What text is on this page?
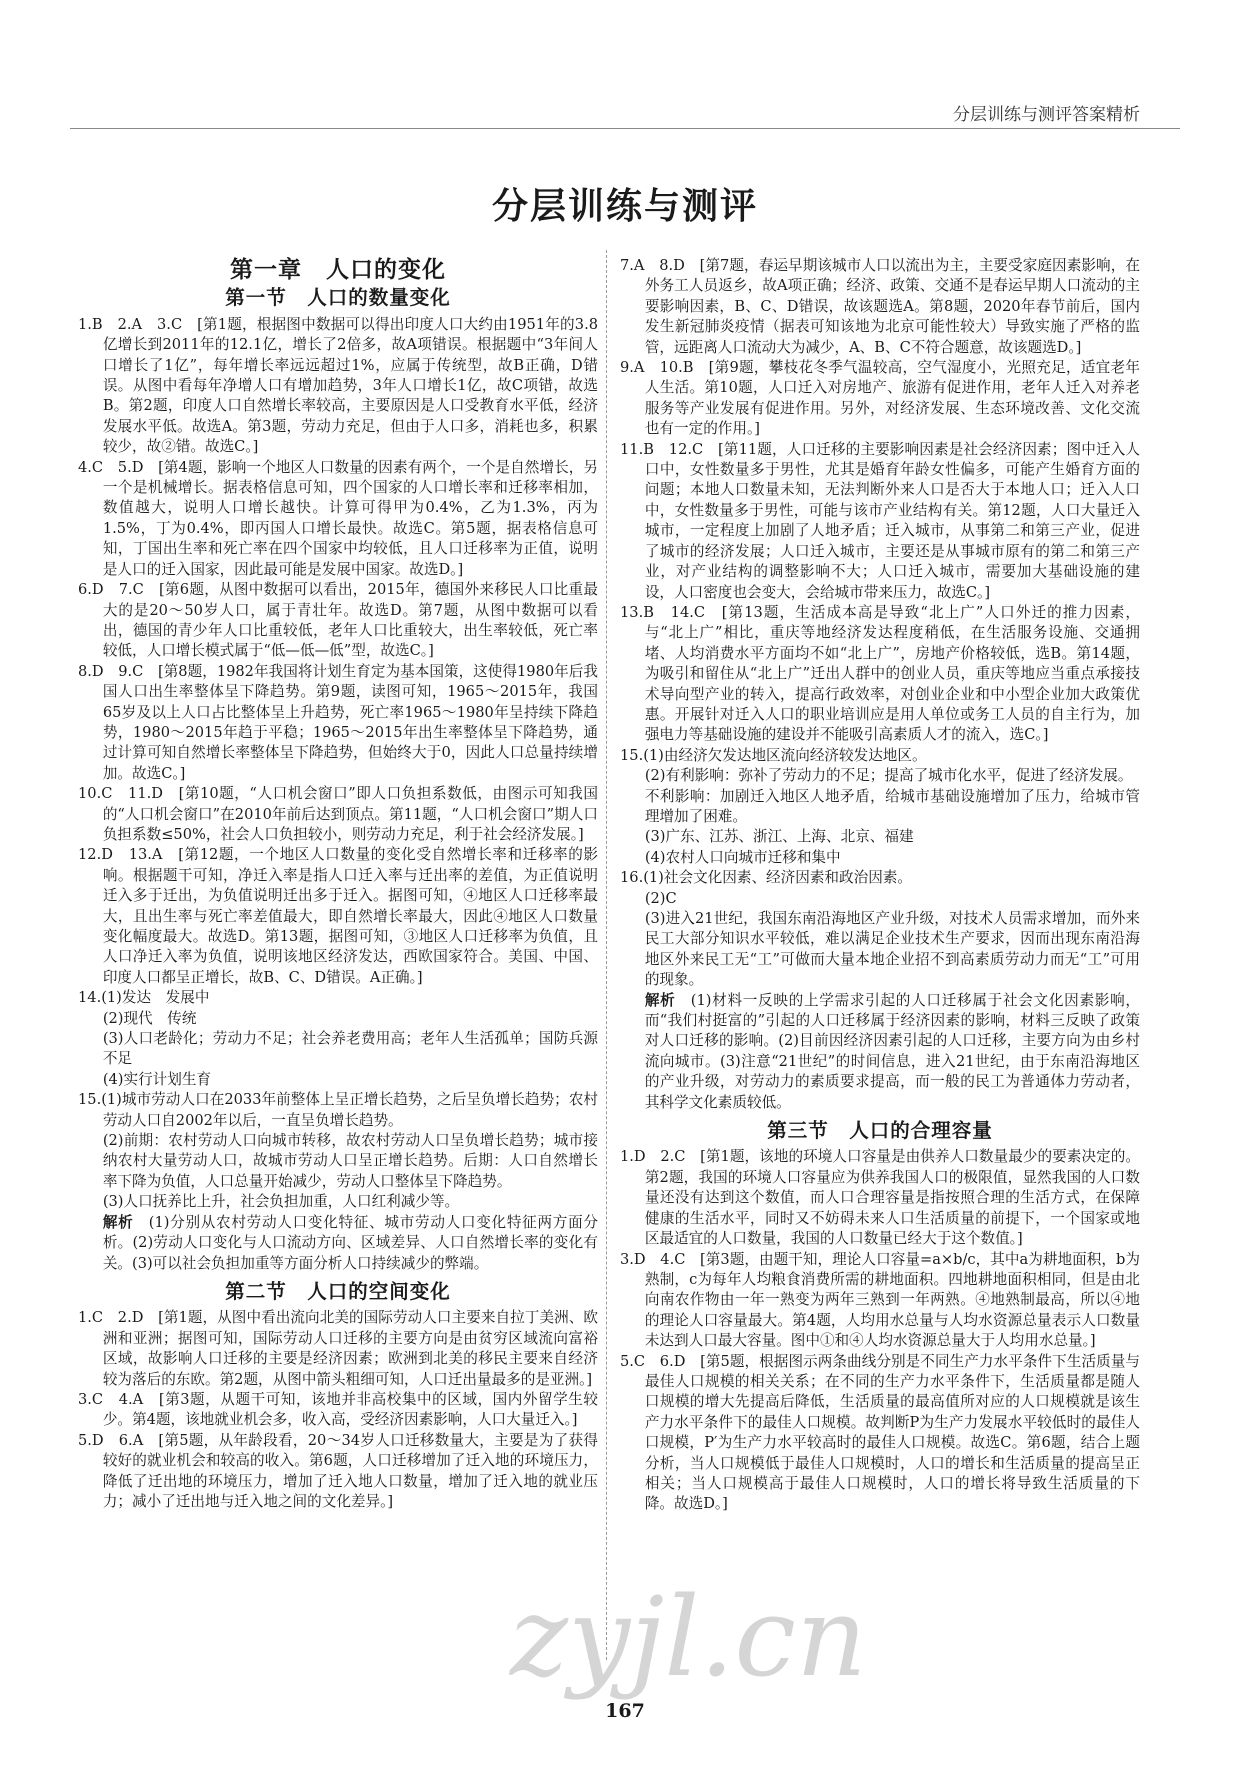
分层训练与测评答案精析
分层训练与测评
第一章　人口的变化
第一节　人口的数量变化

1.B　2.A　3.C　[第1题，根据图中数据可以得出印度人口大约由1951年的3.8亿增长到2011年的12.1亿，增长了2倍多，故A项错误。根据题中“3年间人口增长了1亿”，每年增长率远远超过1%，应属于传统型，故B正确，D错误。从图中看每年净增人口有增加趋势，3年人口增长1亿，故C项错，故选B。第2题，印度人口自然增长率较高，主要原因是人口受教育水平低，经济发展水平低。故选A。第3题，劳动力充足，但由于人口多，消耗也多，积累较少，故②错。故选C。]

4.C　5.D　[第4题，影响一个地区人口数量的因素有两个，一个是自然增长，另一个是机械增长。据表格信息可知，四个国家的人口增长率和迁移率相加，数值越大，说明人口增长越快。计算可得甲为0.4%，乙为1.3%，丙为1.5%，丁为0.4%，即丙国人口增长最快。故选C。第5题，据表格信息可知，丁国出生率和死亡率在四个国家中均较低，且人口迁移率为正值，说明是人口的迁入国家，因此最可能是发展中国家。故选D。]

6.D　7.C　[第6题，从图中数据可以看出，2015年，德国外来移民人口比重最大的是20～50岁人口，属于青壮年。故选D。第7题，从图中数据可以看出，德国的青少年人口比重较低，老年人口比重较大，出生率较低，死亡率较低，人口增长模式属于“低—低—低”型，故选C。]

8.D　9.C　[第8题，1982年我国将计划生育定为基本国策，这使得1980年后我国人口出生率整体呈下降趋势。第9题，读图可知，1965～2015年，我国65岁及以上人口占比整体呈上升趋势，死亡率1965～1980年呈持续下降趋势，1980～2015年趋于平稳；1965～2015年出生率整体呈下降趋势，通过计算可知自然增长率整体呈下降趋势，但始终大于0，因此人口总量持续增加。故选C。]

10.C　11.D　[第10题，“人口机会窗口”即人口负担系数低，由图示可知我国的“人口机会窗口”在2010年前后达到顶点。第11题，“人口机会窗口”期人口负担系数≤50%，社会人口负担较小，则劳动力充足，利于社会经济发展。]

12.D　13.A　[第12题，一个地区人口数量的变化受自然增长率和迁移率的影响。根据题干可知，净迁入率是指人口迁入率与迁出率的差值，为正值说明迁入多于迁出，为负值说明迁出多于迁入。据图可知，④地区人口迁移率最大，且出生率与死亡率差值最大，即自然增长率最大，因此④地区人口数量变化幅度最大。故选D。第13题，据图可知，③地区人口迁移率为负值，且人口净迁入率为负值，说明该地区经济发达，西欧国家符合。美国、中国、印度人口都呈正增长，故B、C、D错误。A正确。]

14.(1)发达　发展中

(2)现代　传统

(3)人口老龄化；劳动力不足；社会养老费用高；老年人生活孤单；国防兵源不足

(4)实行计划生育

15.(1)城市劳动人口在2033年前整体上呈正增长趋势，之后呈负增长趋势；农村劳动人口自2002年以后，一直呈负增长趋势。

(2)前期：农村劳动人口向城市转移，故农村劳动人口呈负增长趋势；城市接纳农村大量劳动人口，故城市劳动人口呈正增长趋势。后期：人口自然增长率下降为负值，人口总量开始减少，劳动人口整体呈下降趋势。

(3)人口抚养比上升，社会负担加重，人口红利减少等。

解析　 (1)分别从农村劳动人口变化特征、城市劳动人口变化特征两方面分析。(2)劳动人口变化与人口流动方向、区域差异、人口自然增长率的变化有关。(3)可以社会负担加重等方面分析人口持续减少的弊端。

第二节　人口的空间变化

1.C　2.D　[第1题，从图中看出流向北美的国际劳动人口主要来自拉丁美洲、欧洲和亚洲；据图可知，国际劳动人口迁移的主要方向是由贫穷区域流向富裕区域，故影响人口迁移的主要是经济因素；欧洲到北美的移民主要来自经济较为落后的东欧。第2题，从图中箭头粗细可知，人口迁出量最多的是亚洲。]

3.C　4.A　[第3题，从题干可知，该地并非高校集中的区域，国内外留学生较少。第4题，该地就业机会多，收入高，受经济因素影响，人口大量迁入。]

5.D　6.A　[第5题，从年龄段看，20～34岁人口迁移数量大，主要是为了获得较好的就业机会和较高的收入。第6题，人口迁移增加了迁入地的环境压力，降低了迁出地的环境压力，增加了迁入地人口数量，增加了迁入地的就业压力；减小了迁出地与迁入地之间的文化差异。]

7.A　8.D　[第7题，春运早期该城市人口以流出为主，主要受家庭因素影响，在外务工人员返乡，故A项正确；经济、政策、交通不是春运早期人口流动的主要影响因素，B、C、D错误，故该题选A。第8题，2020年春节前后，国内发生新冠肺炎疫情（据表可知该地为北京可能性较大）导致实施了严格的监管，远距离人口流动大为减少，A、B、C不符合题意，故该题选D。]

9.A　10.B　[第9题，攀枝花冬季气温较高，空气湿度小，光照充足，适宜老年人生活。第10题，人口迁入对房地产、旅游有促进作用，老年人迁入对养老服务等产业发展有促进作用。另外，对经济发展、生态环境改善、文化交流也有一定的作用。]

11.B　12.C　[第11题，人口迁移的主要影响因素是社会经济因素；图中迁入人口中，女性数量多于男性，尤其是婚育年龄女性偏多，可能产生婚育方面的问题；本地人口数量未知，无法判断外来人口是否大于本地人口；迁入人口中，女性数量多于男性，可能与该市产业结构有关。第12题，人口大量迁入城市，一定程度上加剧了人地矛盾；迁入城市，从事第二和第三产业，促进了城市的经济发展；人口迁入城市，主要还是从事城市原有的第二和第三产业，对产业结构的调整影响不大；人口迁入城市，需要加大基础设施的建设，人口密度也会变大，会给城市带来压力，故选C。]

13.B　14.C　[第13题，生活成本高是导致“北上广”人口外迁的推力因素，与“北上广”相比，重庆等地经济发达程度稍低，在生活服务设施、交通拥堵、人均消费水平方面均不如“北上广”，房地产价格较低，选B。第14题，为吸引和留住从“北上广”迁出人群中的创业人员，重庆等地应当重点承接技术导向型产业的转入，提高行政效率，对创业企业和中小型企业加大政策优惠。开展针对迁入人口的职业培训应是用人单位或务工人员的自主行为，加强电力等基础设施的建设并不能吸引高素质人才的流入，选C。]

15.(1)由经济欠发达地区流向经济较发达地区。

(2)有利影响：弥补了劳动力的不足；提高了城市化水平，促进了经济发展。

不利影响：加剧迁入地区人地矛盾，给城市基础设施增加了压力，给城市管理增加了困难。

(3)广东、江苏、浙江、上海、北京、福建

(4)农村人口向城市迁移和集中

16.(1)社会文化因素、经济因素和政治因素。

(2)C

(3)进入21世纪，我国东南沿海地区产业升级，对技术人员需求增加，而外来民工大部分知识水平较低，难以满足企业技术生产要求，因而出现东南沿海地区外来民工无“工”可做而大量本地企业招不到高素质劳动力而无“工”可用的现象。

解析　 (1)材料一反映的上学需求引起的人口迁移属于社会文化因素影响，而“我们村挺富的”引起的人口迁移属于经济因素的影响，材料三反映了政策对人口迁移的影响。(2)目前因经济因素引起的人口迁移，主要方向为由乡村流向城市。(3)注意“21世纪”的时间信息，进入21世纪，由于东南沿海地区的产业升级，对劳动力的素质要求提高，而一般的民工为普通体力劳动者，其科学文化素质较低。

第三节　人口的合理容量

1.D　2.C　[第1题，该地的环境人口容量是由供养人口数量最少的要素决定的。第2题，我国的环境人口容量应为供养我国人口的极限值，显然我国的人口数量还没有达到这个数值，而人口合理容量是指按照合理的生活方式，在保障健康的生活水平，同时又不妨碍未来人口生活质量的前提下，一个国家或地区最适宜的人口数量，我国的人口数量已经大于这个数值。]

3.D　4.C　[第3题，由题干知，理论人口容量=a×b/c，其中a为耕地面积，b为熟制，c为每年人均粮食消费所需的耕地面积。四地耕地面积相同，但是由北向南农作物由一年一熟变为两年三熟到一年两熟。④地熟制最高，所以④地的理论人口容量最大。第4题，人均用水总量与人均水资源总量表示人口数量未达到人口最大容量。图中①和④人均水资源总量大于人均用水总量。]

5.C　6.D　[第5题，根据图示两条曲线分别是不同生产力水平条件下生活质量与最佳人口规模的相关关系；在不同的生产力水平条件下，生活质量都是随人口规模的增大先提高后降低，生活质量的最高值所对应的人口规模就是该生产力水平条件下的最佳人口规模。故判断P为生产力发展水平较低时的最佳人口规模，P′为生产力水平较高时的最佳人口规模。故选C。第6题，结合上题分析，当人口规模低于最佳人口规模时，人口的增长和生活质量的提高呈正相关；当人口规模高于最佳人口规模时，人口的增长将导致生活质量的下降。故选D。]

167
zyjl.cn
